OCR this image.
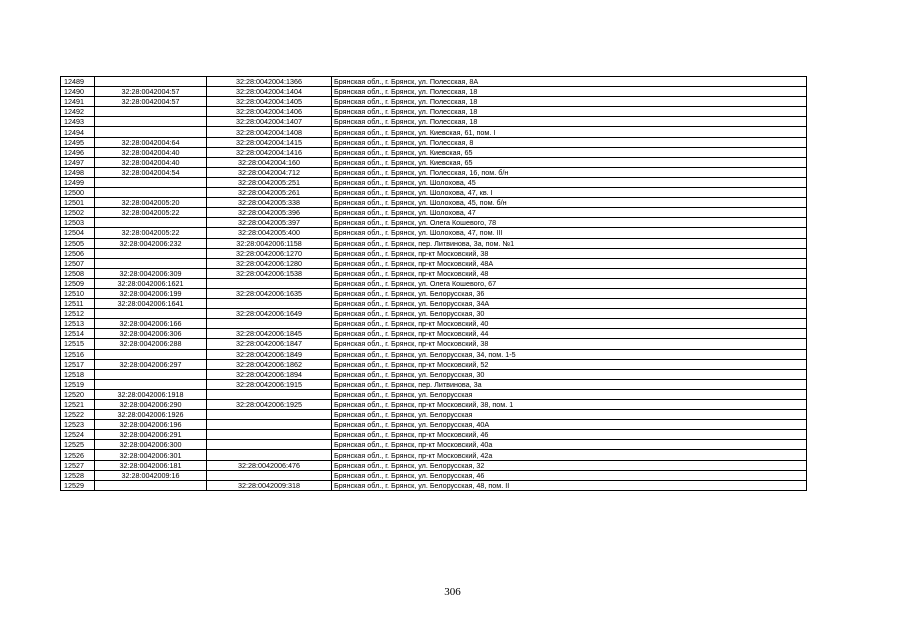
12489		32:28:0042004:1366	Брянская обл., г. Брянск, ул. Полесская, 8А
12490	32:28:0042004:57	32:28:0042004:1404	Брянская обл., г. Брянск, ул. Полесская, 18
12491	32:28:0042004:57	32:28:0042004:1405	Брянская обл., г. Брянск, ул. Полесская, 18
12492		32:28:0042004:1406	Брянская обл., г. Брянск, ул. Полесская, 18
12493		32:28:0042004:1407	Брянская обл., г. Брянск, ул. Полесская, 18
12494		32:28:0042004:1408	Брянская обл., г. Брянск, ул. Киевская, 61, пом. I
12495	32:28:0042004:64	32:28:0042004:1415	Брянская обл., г. Брянск, ул. Полесская, 8
12496	32:28:0042004:40	32:28:0042004:1416	Брянская обл., г. Брянск, ул. Киевская, 65
12497	32:28:0042004:40	32:28:0042004:160	Брянская обл., г. Брянск, ул. Киевская, 65
12498	32:28:0042004:54	32:28:0042004:712	Брянская обл., г. Брянск, ул. Полесская, 16, пом. б/н
12499		32:28:0042005:251	Брянская обл., г. Брянск, ул. Шолохова, 45
12500		32:28:0042005:261	Брянская обл., г. Брянск, ул. Шолохова, 47, кв. I
12501	32:28:0042005:20	32:28:0042005:338	Брянская обл., г. Брянск, ул. Шолохова, 45, пом. б/н
12502	32:28:0042005:22	32:28:0042005:396	Брянская обл., г. Брянск, ул. Шолохова, 47
12503		32:28:0042005:397	Брянская обл., г. Брянск, ул. Олега Кошевого, 78
12504	32:28:0042005:22	32:28:0042005:400	Брянская обл., г. Брянск, ул. Шолохова, 47, пом. III
12505	32:28:0042006:232	32:28:0042006:1158	Брянская обл., г. Брянск, пер. Литвинова, 3а, пом. №1
12506		32:28:0042006:1270	Брянская обл., г. Брянск, пр-кт Московский, 38
12507		32:28:0042006:1280	Брянская обл., г. Брянск, пр-кт Московский, 48А
12508	32:28:0042006:309	32:28:0042006:1538	Брянская обл., г. Брянск, пр-кт Московский, 48
12509	32:28:0042006:1621		Брянская обл., г. Брянск, ул. Олега Кошевого, 67
12510	32:28:0042006:199	32:28:0042006:1635	Брянская обл., г. Брянск, ул. Белорусская, 36
12511	32:28:0042006:1641		Брянская обл., г. Брянск, ул. Белорусская, 34А
12512		32:28:0042006:1649	Брянская обл., г. Брянск, ул. Белорусская, 30
12513	32:28:0042006:166		Брянская обл., г. Брянск, пр-кт Московский, 40
12514	32:28:0042006:306	32:28:0042006:1845	Брянская обл., г. Брянск, пр-кт Московский, 44
12515	32:28:0042006:288	32:28:0042006:1847	Брянская обл., г. Брянск, пр-кт Московский, 38
12516		32:28:0042006:1849	Брянская обл., г. Брянск, ул. Белорусская, 34, пом. 1-5
12517	32:28:0042006:297	32:28:0042006:1862	Брянская обл., г. Брянск, пр-кт Московский, 52
12518		32:28:0042006:1894	Брянская обл., г. Брянск, ул. Белорусская, 30
12519		32:28:0042006:1915	Брянская обл., г. Брянск, пер. Литвинова, 3а
12520	32:28:0042006:1918		Брянская обл., г. Брянск, ул. Белорусская
12521	32:28:0042006:290	32:28:0042006:1925	Брянская обл., г. Брянск, пр-кт Московский, 38, пом. 1
12522	32:28:0042006:1926		Брянская обл., г. Брянск, ул. Белорусская
12523	32:28:0042006:196		Брянская обл., г. Брянск, ул. Белорусская, 40А
12524	32:28:0042006:291		Брянская обл., г. Брянск, пр-кт Московский, 46
12525	32:28:0042006:300		Брянская обл., г. Брянск, пр-кт Московский, 40а
12526	32:28:0042006:301		Брянская обл., г. Брянск, пр-кт Московский, 42а
12527	32:28:0042006:181	32:28:0042006:476	Брянская обл., г. Брянск, ул. Белорусская, 32
12528	32:28:0042009:16		Брянская обл., г. Брянск, ул. Белорусская, 46
12529		32:28:0042009:318	Брянская обл., г. Брянск, ул. Белорусская, 48, пом. II
306
